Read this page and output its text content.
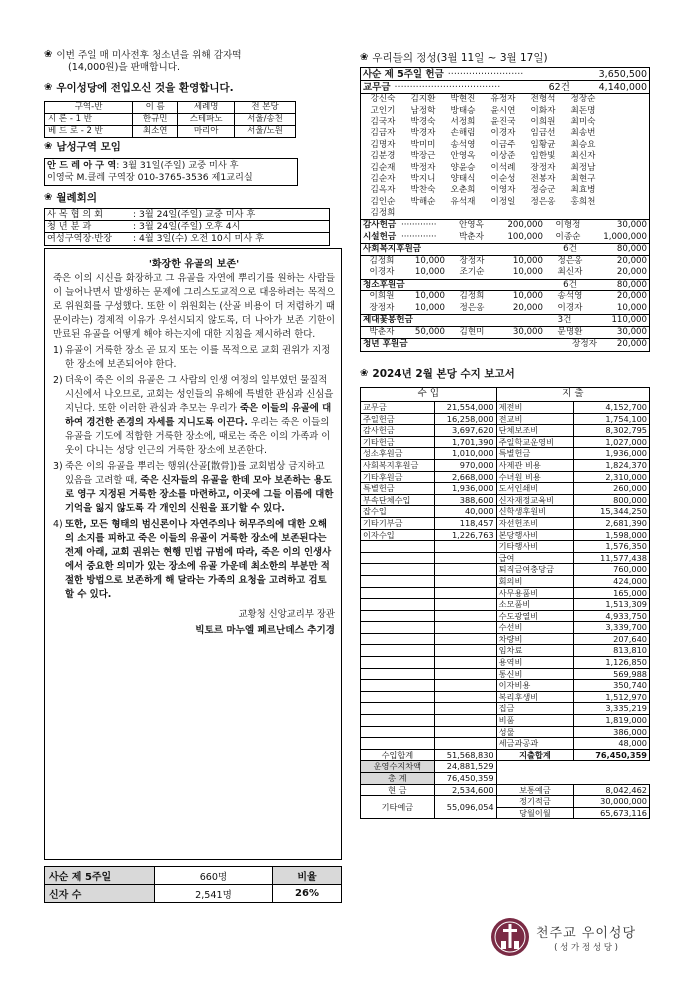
❀ 이번 주일 매 미사전후 청소년을 위해 감자떡
(14,000원)을 판매합니다.
❀ 우이성당에 전입오신 것을 환영합니다.
구역-반	이 름	세례명	전 본당
시 론 - 1 반	한규민	스테파노	서울/송천
베 드 로 - 2 반	최소연	마리아	서울/노원
❀ 남성구역 모임
안 드 레 아 구 역: 3월 31일(주일) 교중 미사 후
이영국 M.클레 구역장 010-3765-3536 제1교리실
❀ 월례회의
사 목 협 의 회	: 3월 24일(주일) 교중 미사 후
청 년 분 과	: 3월 24일(주일) 오후 4시
여성구역장·반장	: 4월 3일(수) 오전 10시 미사 후
'화장한 유골의 보존'

죽은 이의 시신을 화장하고 그 유골을 자연에 뿌리기를 원하는 사람들이 늘어나면서 발생하는 문제에 그리스도교적으로 대응하려는 목적으로 위원회를 구성했다. 또한 이 위원회는 (산골 비용이 더 저렴하기 때문이라는) 경제적 이유가 우선시되지 않도록, 더 나아가 보존 기한이 만료된 유골을 어떻게 해야 하는지에 대한 지침을 제시하려 한다.

1) 유골이 거룩한 장소 곧 묘지 또는 이를 목적으로 교회 권위가 지정한 장소에 보존되어야 한다.
2) 더욱이 죽은 이의 유골은 그 사람의 인생 여정의 일부였던 물질적 시신에서 나오므로, 교회는 성인들의 유해에 특별한 관심과 신심을 지닌다. 또한 이러한 관심과 추모는 우리가 죽은 이들의 유골에 대하여 경건한 존경의 자세를 지니도록 이끈다. 우리는 죽은 이들의 유골을 기도에 적합한 거룩한 장소에, 때로는 죽은 이의 가족과 이웃이 다니는 성당 인근의 거룩한 장소에 보존한다.
3) 죽은 이의 유골을 뿌리는 행위(산골[散骨])를 교회법상 금지하고 있음을 고려할 때, 죽은 신자들의 유골을 한데 모아 보존하는 용도로 영구 지정된 거룩한 장소를 마련하고, 이곳에 그들 이름에 대한 기억을 잃지 않도록 각 개인의 신원을 표기할 수 있다.
4) 또한, 모든 형태의 범신론이나 자연주의나 허무주의에 대한 오해의 소지를 피하고 죽은 이들의 유골이 거룩한 장소에 보존된다는 전제 아래, 교회 권위는 현행 민법 규범에 따라, 죽은 이의 인생사에서 중요한 의미가 있는 장소에 유골 가운데 최소한의 부분만 적절한 방법으로 보존하게 해 달라는 가족의 요청을 고려하고 검토할 수 있다.
교황청 신앙교리부 장관
빅토르 마누엘 페르난데스 추기경
사순 제 5주일	660명	비율
신자 수	2,541명	26%
❀ 우리들의 정성(3월 11일 ~ 3월 17일)
사순 제 5주일 헌금 ·························	3,650,500
교무금 ···································	62건	4,140,000
강신숙	김지환	박현진	유정자	전형석	정장순
고인기	남정학	방태승	윤시연	이화자	최돈명
김국자	박경숙	서정희	윤진국	이희원	최미숙
김금자	박경자	손해림	이경자	임금선	최송번
김명자	박미미	송석영	이금주	임황균	최승요
김분경	박장근	안영옥	이상준	임한빛	최신자
김순재	박정자	양윤승	이석례	장정자	최정남
김순자	박지니	양태식	이순성	전봉자	최현구
김옥자	박찬숙	오춘희	이영자	정승군	최효병
김인순	박해순	유석재	이정일	정은옹	홍희천
김정희					
감사헌금 ·············	안영옥	200,000	이형정	30,000
시설헌금 ·············	박춘자	100,000	이종순	1,000,000
사회복지후원금	6건	80,000
김정희	10,000	장정자	10,000	정은옹	20,000
이경자	10,000	조기순	10,000	최신자	20,000
청소후원금	6건	80,000
이희원	10,000	김정희	10,000	송석영	20,000
장정자	10,000	정은옹	20,000	이경자	10,000
제대꽃봉헌금	3건	110,000
박춘자	50,000	김현미	30,000	문명환	30,000
청년 후원금	장정자	20,000
❀ 2024년 2월 본당 수지 보고서
수 입		지 출	
교무금	21,554,000	제전비	4,152,700
주일헌금	16,258,000	전교비	1,754,100
감사헌금	3,697,620	단체보조비	8,302,795
기타헌금	1,701,390	주일학교운영비	1,027,000
성소후원금	1,010,000	특별헌금	1,936,000
사회복지후원금	970,000	사제관 비용	1,824,370
기타후원금	2,668,000	수녀원 비용	2,310,000
특별헌금	1,936,000	도서인쇄비	260,000
부속단체수입	388,600	신자재정교육비	800,000
잡수입	40,000	신학생후원비	15,344,250
기타기부금	118,457	자선헌조비	2,681,390
이자수입	1,226,763	본당행사비	1,598,000
		기타행사비	1,576,350
		급여	11,577,438
		퇴직금여충당금	760,000
		회의비	424,000
		사무용품비	165,000
		소모품비	1,513,309
		수도광열비	4,933,750
		수선비	3,339,700
		차량비	207,640
		임차료	813,810
		용역비	1,126,850
		통신비	569,988
		이자비용	350,740
		복리후생비	1,512,970
		집금	3,335,219
		비품	1,819,000
		성물	386,000
		세금과공과	48,000
수입합계	51,568,830	지출합계	76,450,359
운영수지차액	24,881,529		
총 계	76,450,359		
현 금	2,534,600	보통예금	8,042,462
기타예금	55,096,054	정기적금	30,000,000
		당월이월	65,673,116
천주교 우이성당
( 성 가 정 성 당 )
